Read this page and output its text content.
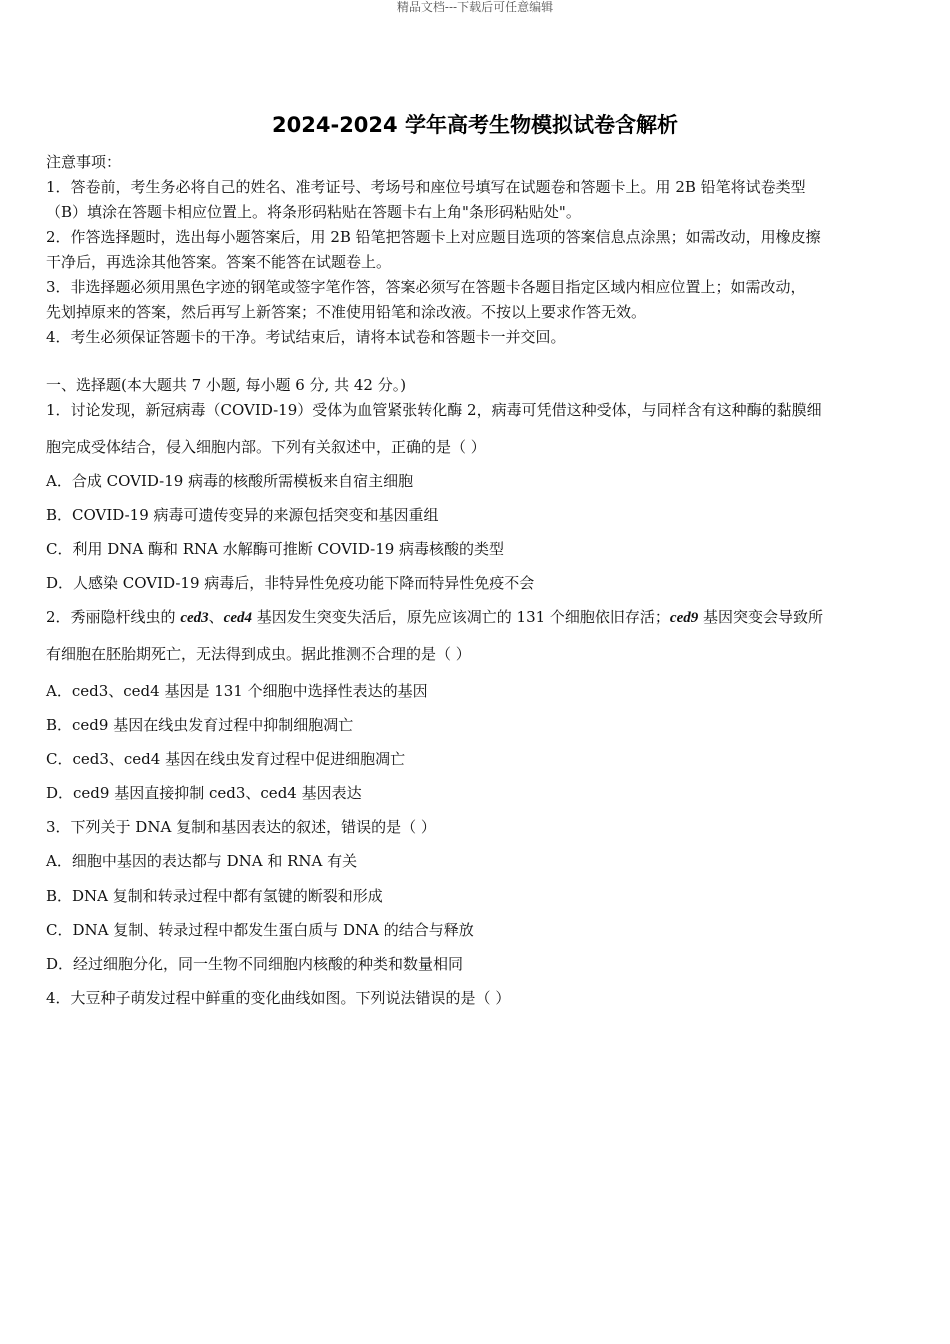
精品文档---下载后可任意编辑
2024-2024 学年高考生物模拟试卷含解析

注意事项：

1．答卷前，考生务必将自己的姓名、准考证号、考场号和座位号填写在试题卷和答题卡上。用 2B 铅笔将试卷类型

（B）填涂在答题卡相应位置上。将条形码粘贴在答题卡右上角"条形码粘贴处"。

2．作答选择题时，选出每小题答案后，用 2B 铅笔把答题卡上对应题目选项的答案信息点涂黑；如需改动，用橡皮擦

干净后，再选涂其他答案。答案不能答在试题卷上。

3．非选择题必须用黑色字迹的钢笔或签字笔作答，答案必须写在答题卡各题目指定区域内相应位置上；如需改动，

先划掉原来的答案，然后再写上新答案；不准使用铅笔和涂改液。不按以上要求作答无效。

4．考生必须保证答题卡的干净。考试结束后，请将本试卷和答题卡一并交回。

一、选择题(本大题共 7 小题, 每小题 6 分, 共 42 分。)
1．讨论发现，新冠病毒（COVID-19）受体为血管紧张转化酶 2，病毒可凭借这种受体，与同样含有这种酶的黏膜细
胞完成受体结合，侵入细胞内部。下列有关叙述中，正确的是（ ）
A．合成 COVID-19 病毒的核酸所需模板来自宿主细胞
B．COVID-19 病毒可遗传变异的来源包括突变和基因重组
C．利用 DNA 酶和 RNA 水解酶可推断 COVID-19 病毒核酸的类型
D．人感染 COVID-19 病毒后，非特异性免疫功能下降而特异性免疫不会
2．秀丽隐杆线虫的 ced3、ced4 基因发生突变失活后，原先应该凋亡的 131 个细胞依旧存活；ced9 基因突变会导致所
有细胞在胚胎期死亡，无法得到成虫。据此推测不合理 · · ·的是（ ）
A．ced3、ced4 基因是 131 个细胞中选择性表达的基因
B．ced9 基因在线虫发育过程中抑制细胞凋亡
C．ced3、ced4 基因在线虫发育过程中促进细胞凋亡
D．ced9 基因直接抑制 ced3、ced4 基因表达
3．下列关于 DNA 复制和基因表达的叙述，错误的是（ ）
A．细胞中基因的表达都与 DNA 和 RNA 有关
B．DNA 复制和转录过程中都有氢键的断裂和形成
C．DNA 复制、转录过程中都发生蛋白质与 DNA 的结合与释放
D．经过细胞分化，同一生物不同细胞内核酸的种类和数量相同
4．大豆种子萌发过程中鲜重的变化曲线如图。下列说法错误的是（ ）
